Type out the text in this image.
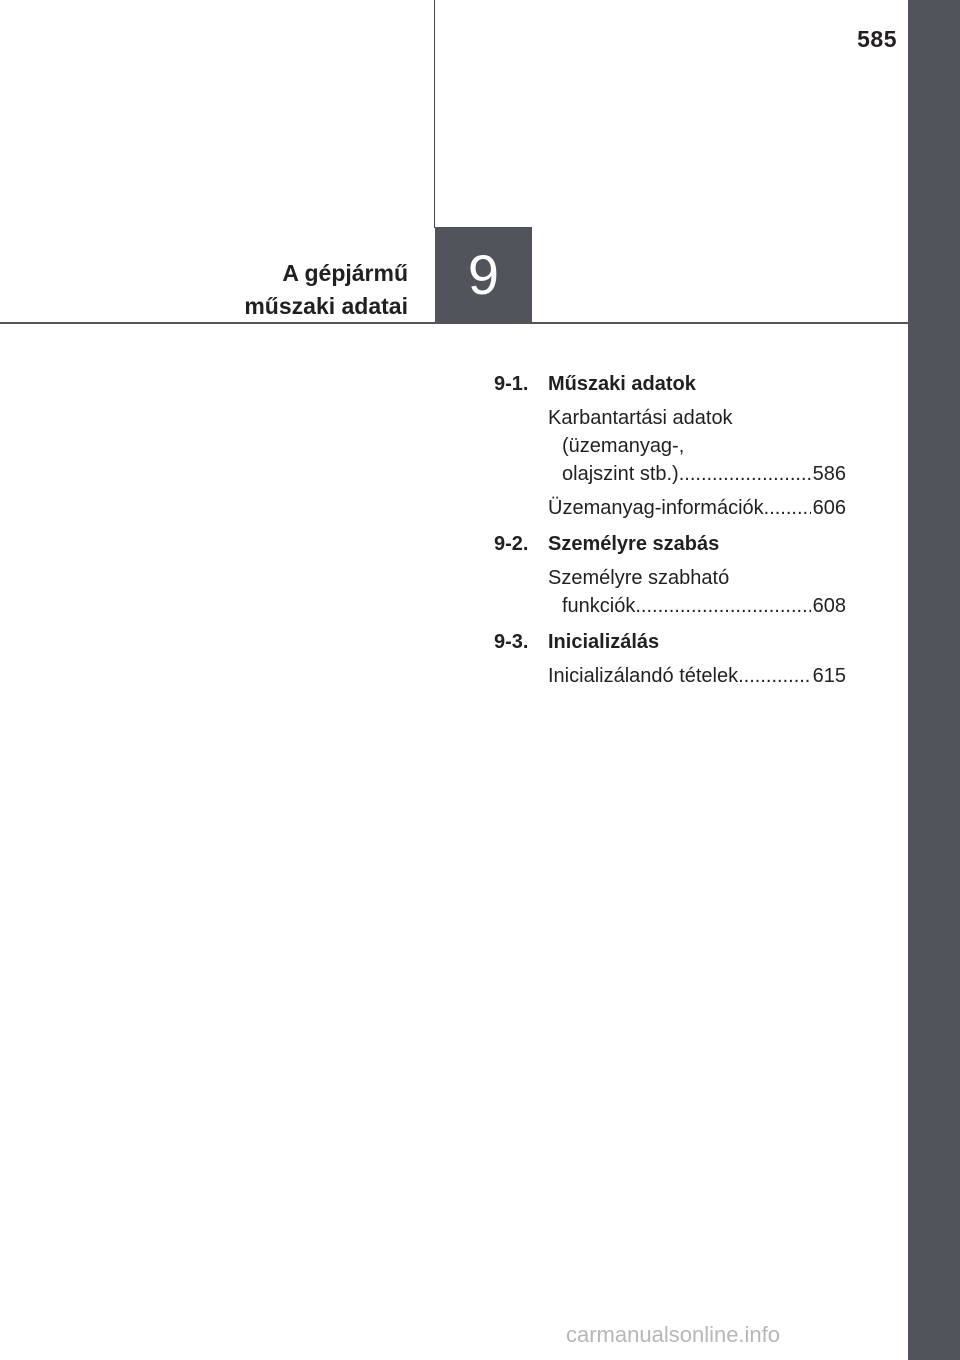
585
A gépjármű
műszaki adatai	9
9-1. Műszaki adatok
Karbantartási adatok
(üzemanyag-,
olajszint stb.) .....	586
Üzemanyag-információk ..... 606
9-2. Személyre szabás
Személyre szabható
funkciók .....	608
9-3. Inicializálás
Inicializálandó tételek .....	615
carmanualsonline.info
